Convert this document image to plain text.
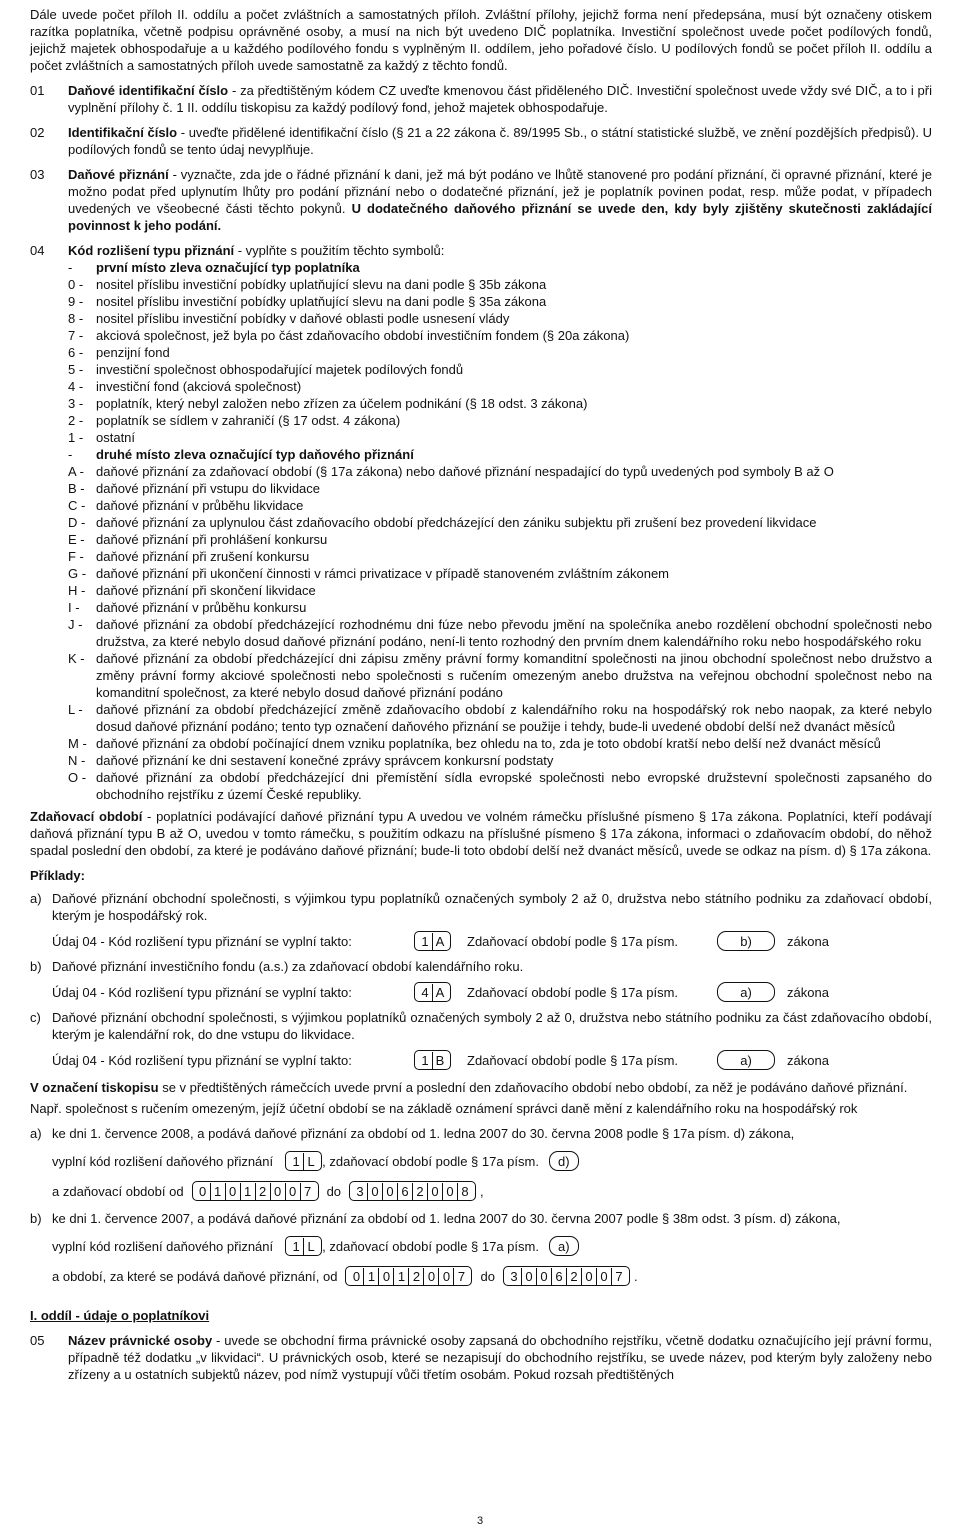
Dále uvede počet příloh II. oddílu a počet zvláštních a samostatných příloh. Zvláštní přílohy, jejichž forma není předepsána, musí být označeny otiskem razítka poplatníka, včetně podpisu oprávněné osoby, a musí na nich být uvedeno DIČ poplatníka. Investiční společnost uvede počet podílových fondů, jejichž majetek obhospodařuje a u každého podílového fondu s vyplněným II. oddílem, jeho pořadové číslo. U podílových fondů se počet příloh II. oddílu a počet zvláštních a samostatných příloh uvede samostatně za každý z těchto fondů.

01	Daňové identifikační číslo - za předtištěným kódem CZ uveďte kmenovou část přiděleného DIČ. Investiční společnost uvede vždy své DIČ, a to i při vyplnění přílohy č. 1 II. oddílu tiskopisu za každý podílový fond, jehož majetek obhospodařuje.
02	Identifikační číslo - uveďte přidělené identifikační číslo (§ 21 a 22 zákona č. 89/1995 Sb., o státní statistické službě, ve znění pozdějších předpisů). U podílových fondů se tento údaj nevyplňuje.
03	Daňové přiznání - vyznačte, zda jde o řádné přiznání k dani, jež má být podáno ve lhůtě stanovené pro podání přiznání, či opravné přiznání, které je možno podat před uplynutím lhůty pro podání přiznání nebo o dodatečné přiznání, jež je poplatník povinen podat, resp. může podat, v případech uvedených ve všeobecné části těchto pokynů. U dodatečného daňového přiznání se uvede den, kdy byly zjištěny skutečnosti zakládající povinnost k jeho podání.
04	Kód rozlišení typu přiznání - vyplňte s použitím těchto symbolů:
-	první místo zleva označující typ poplatníka
0 - nositel příslibu investiční pobídky uplatňující slevu na dani podle § 35b zákona
9 - nositel příslibu investiční pobídky uplatňující slevu na dani podle § 35a zákona
8 - nositel příslibu investiční pobídky v daňové oblasti podle usnesení vlády
7 - akciová společnost, jež byla po část zdaňovacího období investičním fondem (§ 20a zákona)
6 - penzijní fond
5 - investiční společnost obhospodařující majetek podílových fondů
4 - investiční fond (akciová společnost)
3 - poplatník, který nebyl založen nebo zřízen za účelem podnikání (§ 18 odst. 3 zákona)
2 - poplatník se sídlem v zahraničí (§ 17 odst. 4 zákona)
1 - ostatní
-	druhé místo zleva označující typ daňového přiznání
A - daňové přiznání za zdaňovací období (§ 17a zákona) nebo daňové přiznání nespadající do typů uvedených pod symboly B až O
B - daňové přiznání při vstupu do likvidace
C - daňové přiznání v průběhu likvidace
D - daňové přiznání za uplynulou část zdaňovacího období předcházející den zániku subjektu při zrušení bez provedení likvidace
E - daňové přiznání při prohlášení konkursu
F - daňové přiznání při zrušení konkursu
G - daňové přiznání při ukončení činnosti v rámci privatizace v případě stanoveném zvláštním zákonem
H - daňové přiznání při skončení likvidace
I -	daňové přiznání v průběhu konkursu
J -	daňové přiznání za období předcházející rozhodnému dni fúze nebo převodu jmění na společníka anebo rozdělení obchodní společnosti nebo družstva, za které nebylo dosud daňové přiznání podáno, není-li tento rozhodný den prvním dnem kalendářního roku nebo hospodářského roku
K - daňové přiznání za období předcházející dni zápisu změny právní formy komanditní společnosti na jinou obchodní společnost nebo družstvo a změny právní formy akciové společnosti nebo společnosti s ručením omezeným anebo družstva na veřejnou obchodní společnost nebo na komanditní společnost, za které nebylo dosud daňové přiznání podáno
L -	daňové přiznání za období předcházející změně zdaňovacího období z kalendářního roku na hospodářský rok nebo naopak, za které nebylo dosud daňové přiznání podáno; tento typ označení daňového přiznání se použije i tehdy, bude-li uvedené období delší než dvanáct měsíců
M - daňové přiznání za období počínající dnem vzniku poplatníka, bez ohledu na to, zda je toto období kratší nebo delší než dvanáct měsíců
N - daňové přiznání ke dni sestavení konečné zprávy správcem konkursní podstaty
O - daňové přiznání za období předcházející dni přemístění sídla evropské společnosti nebo evropské družstevní společnosti zapsaného do obchodního rejstříku z území České republiky.

Zdaňovací období - poplatníci podávající daňové přiznání typu A uvedou ve volném rámečku příslušné písmeno § 17a zákona. Poplatníci, kteří podávají daňová přiznání typu B až O, uvedou v tomto rámečku, s použitím odkazu na příslušné písmeno § 17a zákona, informaci o zdaňovacím období, do něhož spadal poslední den období, za které je podáváno daňové přiznání; bude-li toto období delší než dvanáct měsíců, uvede se odkaz na písm. d) § 17a zákona.

Příklady:

a) Daňové přiznání obchodní společnosti, s výjimkou typu poplatníků označených symboly 2 až 0, družstva nebo státního podniku za zdaňovací období, kterým je hospodářský rok.
Údaj 04 - Kód rozlišení typu přiznání se vyplní takto:	1 A Zdaňovací období podle § 17a písm.	b)	zákona
b) Daňové přiznání investičního fondu (a.s.) za zdaňovací období kalendářního roku.
Údaj 04 - Kód rozlišení typu přiznání se vyplní takto:	4 A Zdaňovací období podle § 17a písm.	a)	zákona
c) Daňové přiznání obchodní společnosti, s výjimkou poplatníků označených symboly 2 až 0, družstva nebo státního podniku za část zdaňovacího období, kterým je kalendářní rok, do dne vstupu do likvidace.
Údaj 04 - Kód rozlišení typu přiznání se vyplní takto:	1 B Zdaňovací období podle § 17a písm.	a)	zákona

V označení tiskopisu se v předtištěných rámečcích uvede první a poslední den zdaňovacího období nebo období, za něž je podáváno daňové přiznání.

Např. společnost s ručením omezeným, jejíž účetní období se na základě oznámení správci daně mění z kalendářního roku na hospodářský rok

a) ke dni 1. července 2008, a podává daňové přiznání za období od 1. ledna 2007 do 30. června 2008 podle § 17a písm. d) zákona,
vyplní kód rozlišení daňového přiznání 1 L , zdaňovací období podle § 17a písm.	d)
a zdaňovací období od 0 1 0 1 2 0 0 7 do 3 0 0 6 2 0 0 8 ,
b) ke dni 1. července 2007, a podává daňové přiznání za období od 1. ledna 2007 do 30. června 2007 podle § 38m odst. 3 písm. d) zákona,
vyplní kód rozlišení daňového přiznání 1 L , zdaňovací období podle § 17a písm.	a)
a období, za které se podává daňové přiznání, od 0 1 0 1 2 0 0 7 do 3 0 0 6 2 0 0 7 .
I. oddíl - údaje o poplatníkovi
05	Název právnické osoby - uvede se obchodní firma právnické osoby zapsaná do obchodního rejstříku, včetně dodatku označujícího její právní formu, případně též dodatku „v likvidaci“. U právnických osob, které se nezapisují do obchodního rejstříku, se uvede název, pod kterým byly založeny nebo zřízeny a u ostatních subjektů název, pod nímž vystupují vůči třetím osobám. Pokud rozsah předtištěných
3
